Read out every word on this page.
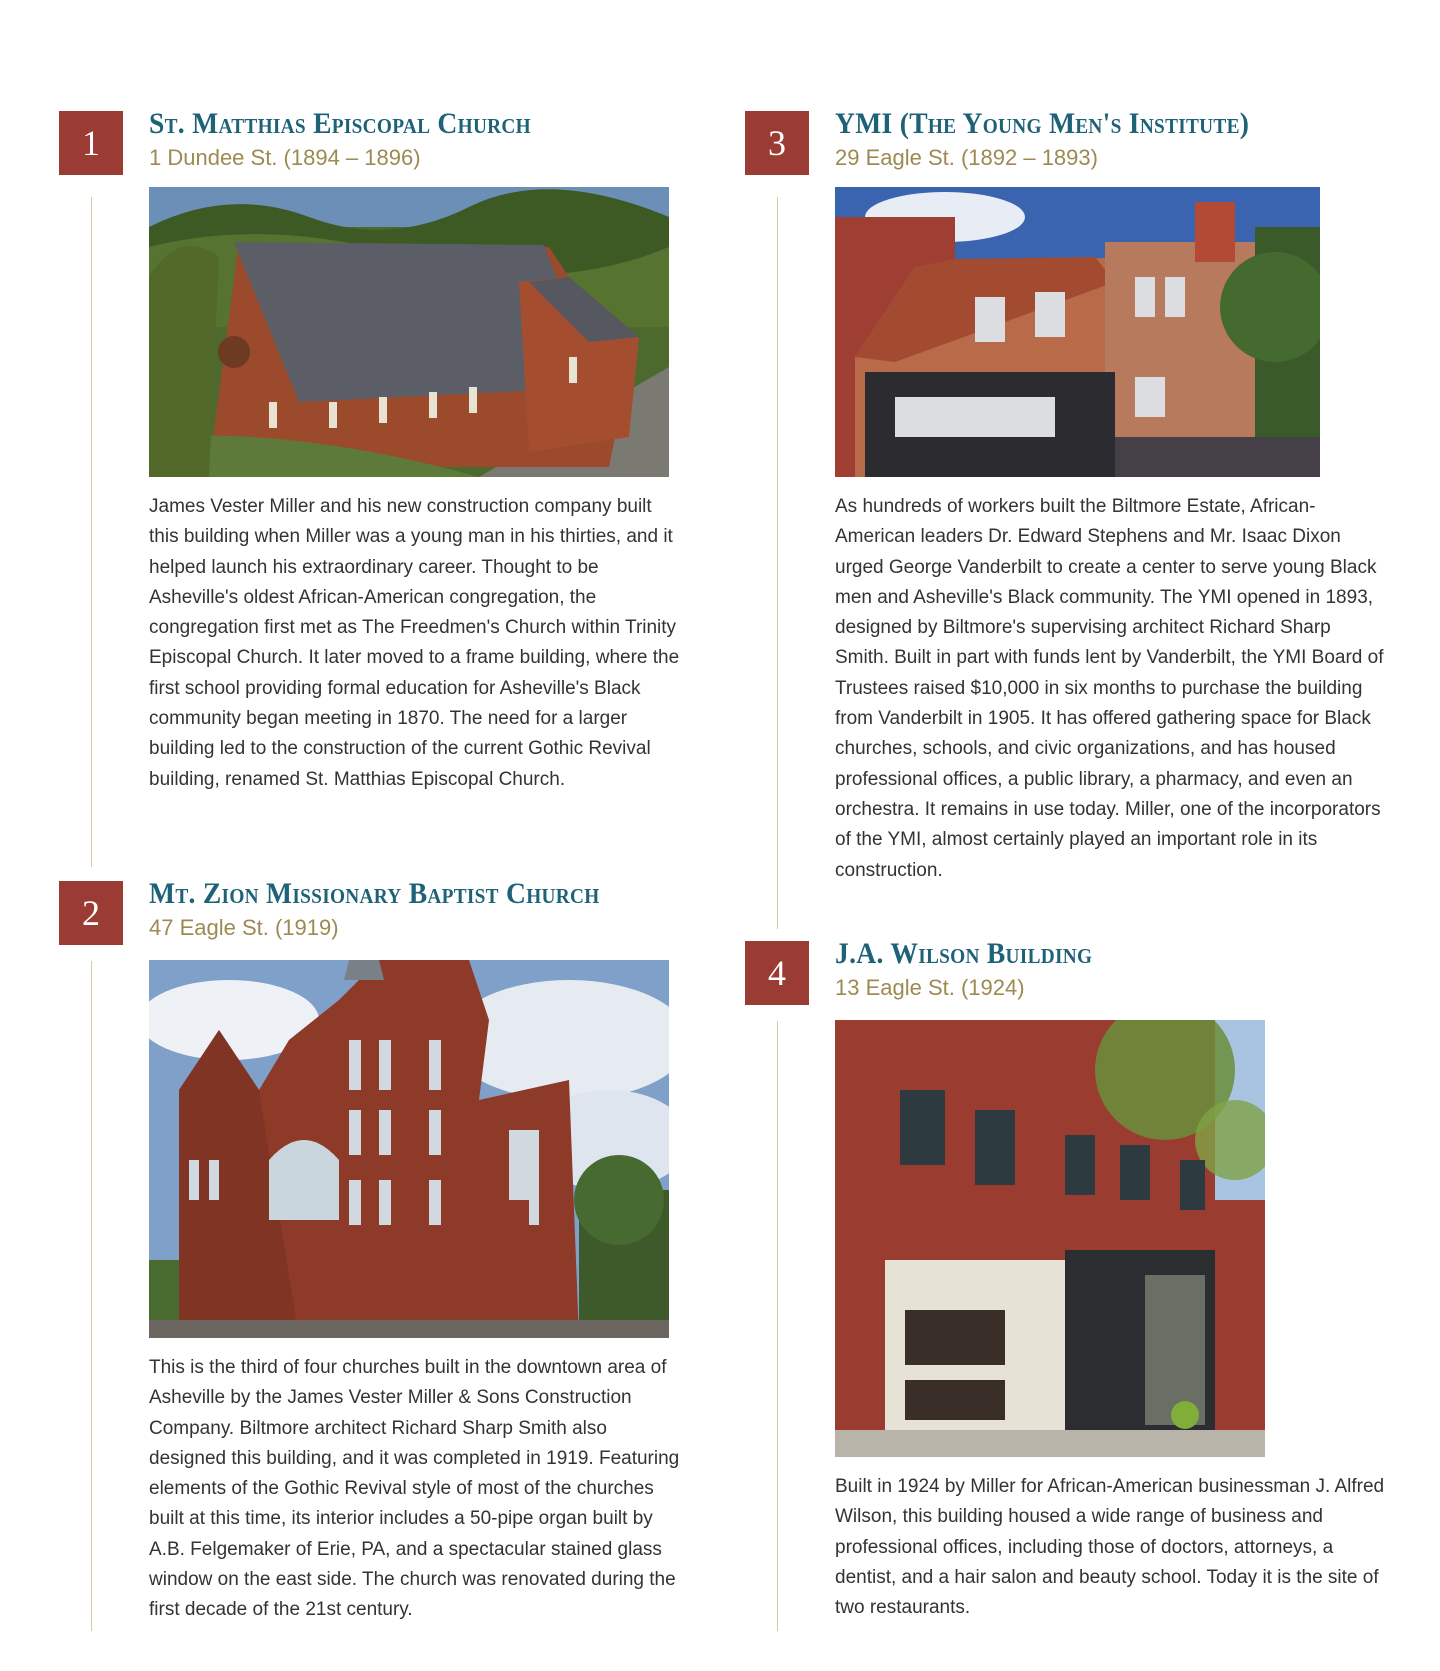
1	St. Matthias Episcopal Church
1 Dundee St. (1894 – 1896)

James Vester Miller and his new construction company built this building when Miller was a young man in his thirties, and it helped launch his extraordinary career. Thought to be Asheville's oldest African-American congregation, the congregation first met as The Freedmen's Church within Trinity Episcopal Church. It later moved to a frame building, where the first school providing formal education for Asheville's Black community began meeting in 1870. The need for a larger building led to the construction of the current Gothic Revival building, renamed St. Matthias Episcopal Church.

2	Mt. Zion Missionary Baptist Church
47 Eagle St. (1919)

This is the third of four churches built in the downtown area of Asheville by the James Vester Miller & Sons Construction Company. Biltmore architect Richard Sharp Smith also designed this building, and it was completed in 1919. Featuring elements of the Gothic Revival style of most of the churches built at this time, its interior includes a 50-pipe organ built by A.B. Felgemaker of Erie, PA, and a spectacular stained glass window on the east side. The church was renovated during the first decade of the 21st century.

3	YMI (The Young Men's Institute)
29 Eagle St. (1892 – 1893)

As hundreds of workers built the Biltmore Estate, African-American leaders Dr. Edward Stephens and Mr. Isaac Dixon urged George Vanderbilt to create a center to serve young Black men and Asheville's Black community. The YMI opened in 1893, designed by Biltmore's supervising architect Richard Sharp Smith. Built in part with funds lent by Vanderbilt, the YMI Board of Trustees raised $10,000 in six months to purchase the building from Vanderbilt in 1905. It has offered gathering space for Black churches, schools, and civic organizations, and has housed professional offices, a public library, a pharmacy, and even an orchestra. It remains in use today. Miller, one of the incorporators of the YMI, almost certainly played an important role in its construction.

4	J.A. Wilson Building
13 Eagle St. (1924)

Built in 1924 by Miller for African-American businessman J. Alfred Wilson, this building housed a wide range of business and professional offices, including those of doctors, attorneys, a dentist, and a hair salon and beauty school. Today it is the site of two restaurants.
